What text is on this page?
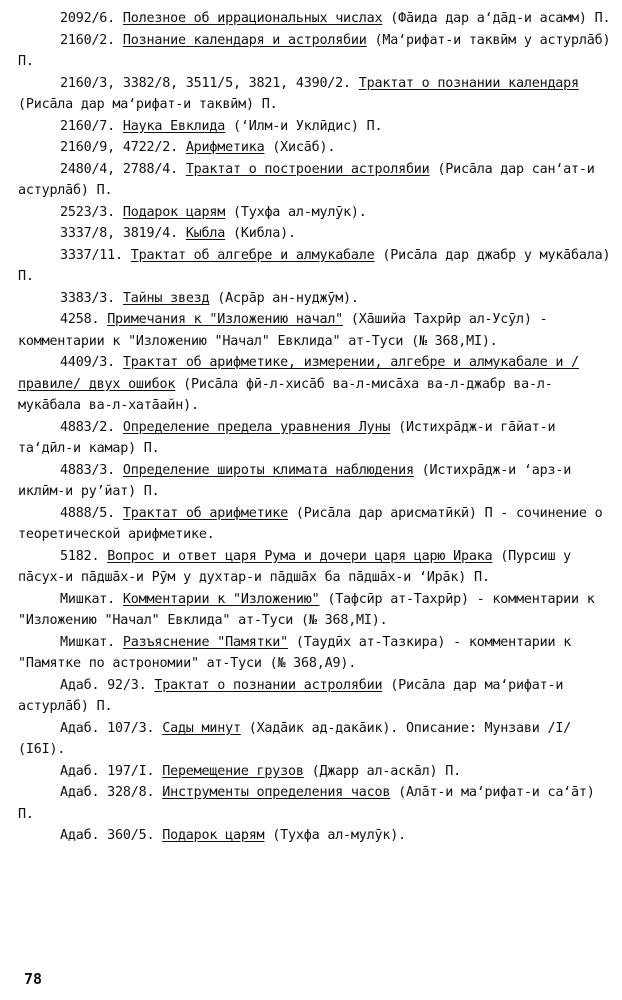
2092/6. Полезное об иррациональных числах (Фāида дар а‘дāд-и асамм) П.

2160/2. Познание календаря и астролябии (Ма‘рифат-и таквӣм у астурлāб) П.

2160/3, 3382/8, 3511/5, 3821, 4390/2. Трактат о познании календаря (Рисāла дар ма‘рифат-и таквӣм) П.

2160/7. Наука Евклида (‘Илм-и Уклӣдис) П.

2160/9, 4722/2. Арифметика (Хисāб).

2480/4, 2788/4. Трактат о построении астролябии (Рисāла дар сан‘ат-и астурлāб) П.

2523/3. Подарок царям (Тухфа ал-мулӯк).

3337/8, 3819/4. Кыбла (Кибла).

3337/11. Трактат об алгебре и алмукабале (Рисāла дар джабр у мукāбала) П.

3383/3. Тайны звезд (Асрāр ан-нуджӯм).

4258. Примечания к "Изложению начал" (Хāшийа Тахрӣр ал-Усӯл) - комментарии к "Изложению "Начал" Евклида" ат-Туси (№ 368,МI).

4409/3. Трактат об арифметике, измерении, алгебре и алмукабале и /правиле/ двух ошибок (Рисāла фӣ-л-хисāб ва-л-мисāха ва-л-джабр ва-л-мукāбала ва-л-хатāайн).

4883/2. Определение предела уравнения Луны (Истихрāдж-и гāйат-и та‘дӣл-и камар) П.

4883/3. Определение широты климата наблюдения (Истихрāдж-и ‘арз-и иклӣм-и ру’йат) П.

4888/5. Трактат об арифметике (Рисāла дар арисматӣкӣ) П - сочинение о теоретической арифметике.

5182. Вопрос и ответ царя Рума и дочери царя царю Ирака (Пурсиш у пāсух-и пāдшāх-и Рӯм у духтар-и пāдшāх ба пāдшāх-и ‘Ирāк) П.

Мишкат. Комментарии к "Изложению" (Тафсӣр ат-Тахрӣр) - комментарии к "Изложению "Начал" Евклида" ат-Туси (№ 368,МI).

Мишкат. Разъяснение "Памятки" (Таудӣх ат-Тазкира) - комментарии к "Памятке по астрономии" ат-Туси (№ 368,А9).

Адаб. 92/3. Трактат о познании астролябии (Рисāла дар ма‘рифат-и астурлāб) П.

Адаб. 107/3. Сады минут (Хадāик ад-дакāик). Описание: Мунзави /I/ (I6I).

Адаб. 197/I. Перемещение грузов (Джарр ал-аскāл) П.

Адаб. 328/8. Инструменты определения часов (Алāт-и ма‘рифат-и са‘āт) П.

Адаб. 360/5. Подарок царям (Тухфа ал-мулӯк).

78
